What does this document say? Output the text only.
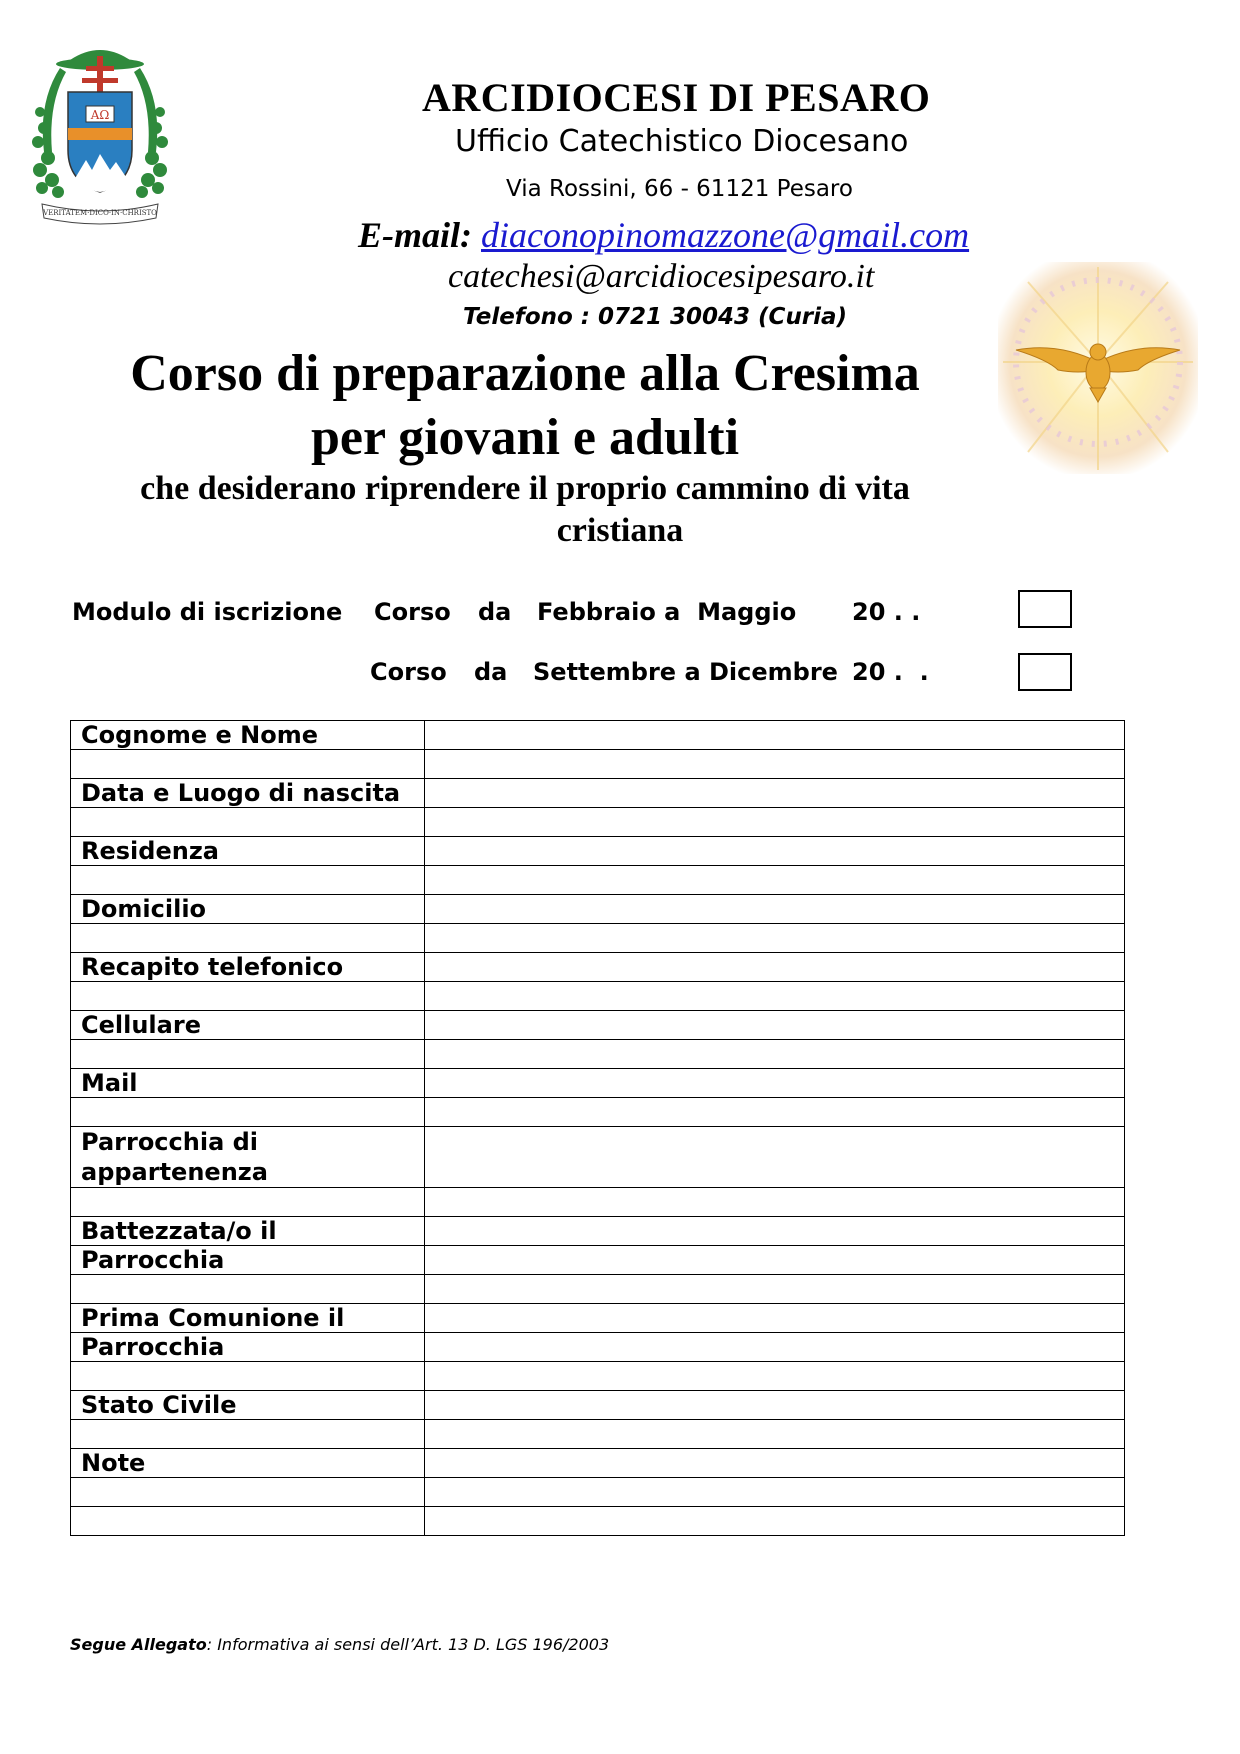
AΩ
VERITATEM·DICO·IN·CHRISTO
ARCIDIOCESI DI PESARO
Ufficio Catechistico Diocesano
Via Rossini, 66 - 61121 Pesaro
E-mail: diaconopinomazzone@gmail.com
catechesi@arcidiocesipesaro.it
Telefono : 0721 30043 (Curia)
Corso di preparazione alla Cresima
per giovani e adulti
che desiderano riprendere il proprio cammino di vita
cristiana
Modulo di iscrizione Corso da Febbraio a  Maggio 20 . .
Corso da Settembre a Dicembre 20 .  .
Cognome e Nome	

Data e Luogo di nascita	

Residenza	

Domicilio	

Recapito telefonico	

Cellulare	

Mail	

Parrocchia di appartenenza	

Battezzata/o il	
Parrocchia	

Prima Comunione il	
Parrocchia	

Stato Civile	

Note	

Segue Allegato: Informativa ai sensi dell’Art. 13 D. LGS 196/2003
